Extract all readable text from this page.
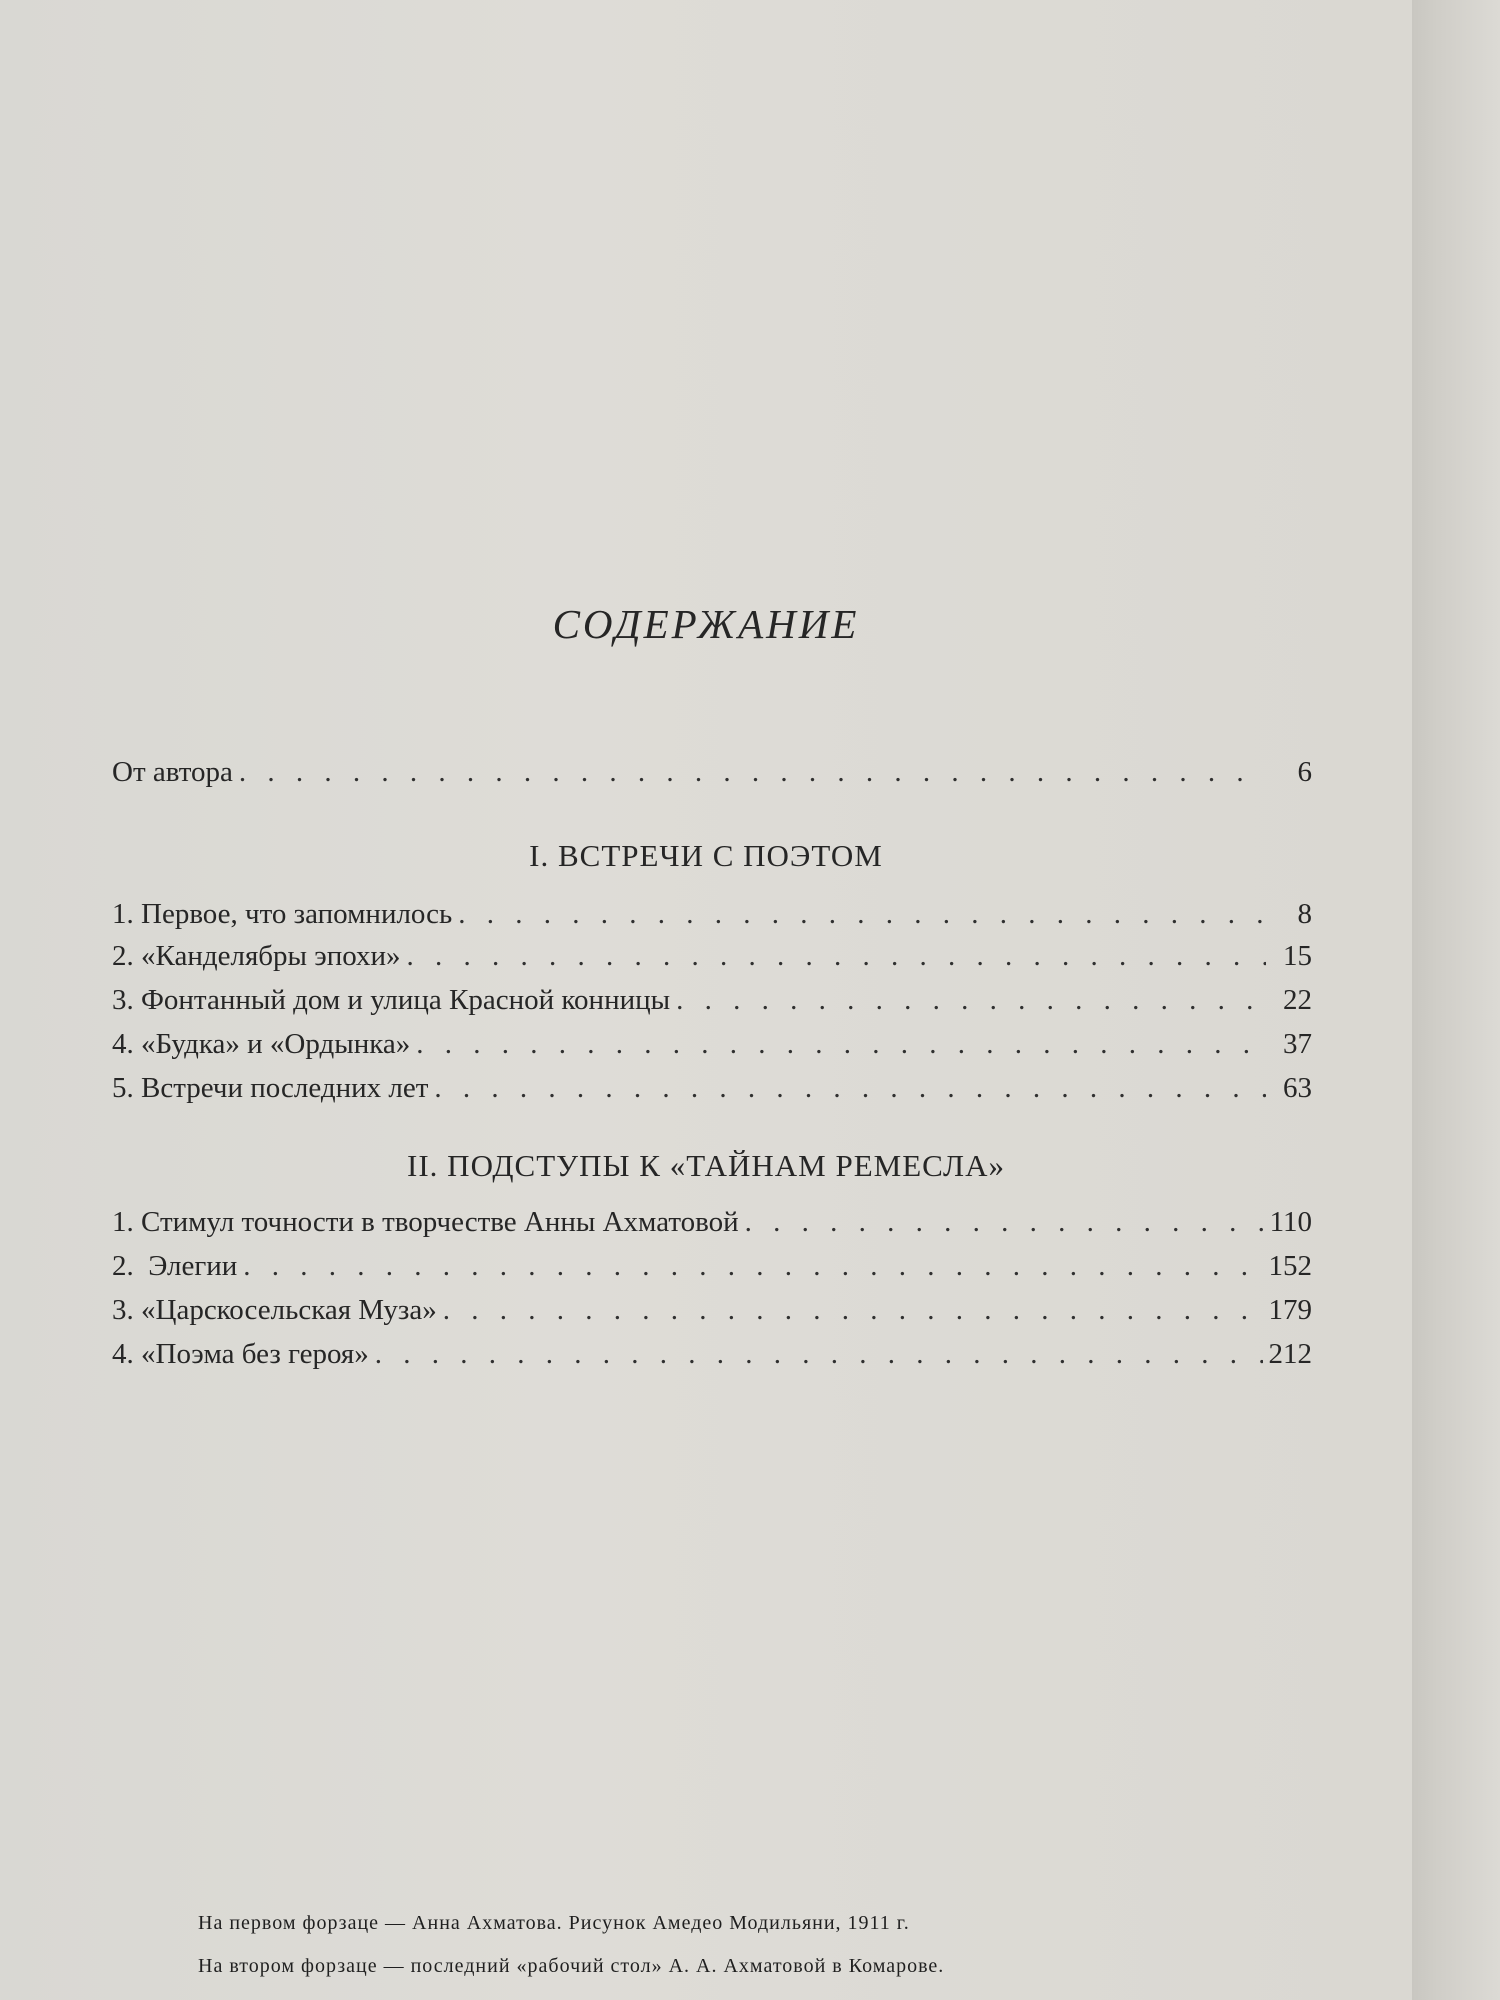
СОДЕРЖАНИЕ
От автора . . .	6
I. ВСТРЕЧИ С ПОЭТОМ
1. Первое, что запомнилось . . .	8
2. «Канделябры эпохи» . . .	15
3. Фонтанный дом и улица Красной конницы . . .	22
4. «Будка» и «Ордынка» . . .	37
5. Встречи последних лет . . .	63
II. ПОДСТУПЫ К «ТАЙНАМ РЕМЕСЛА»
1. Стимул точности в творчестве Анны Ахматовой . . .	110
2.  Элегии . . .	152
3. «Царскосельская Муза» . . .	179
4. «Поэма без героя» . . .	212
На первом форзаце — Анна Ахматова. Рисунок Амедео Модильяни, 1911 г.
На втором форзаце — последний «рабочий стол» А. А. Ахматовой в Комарове.
